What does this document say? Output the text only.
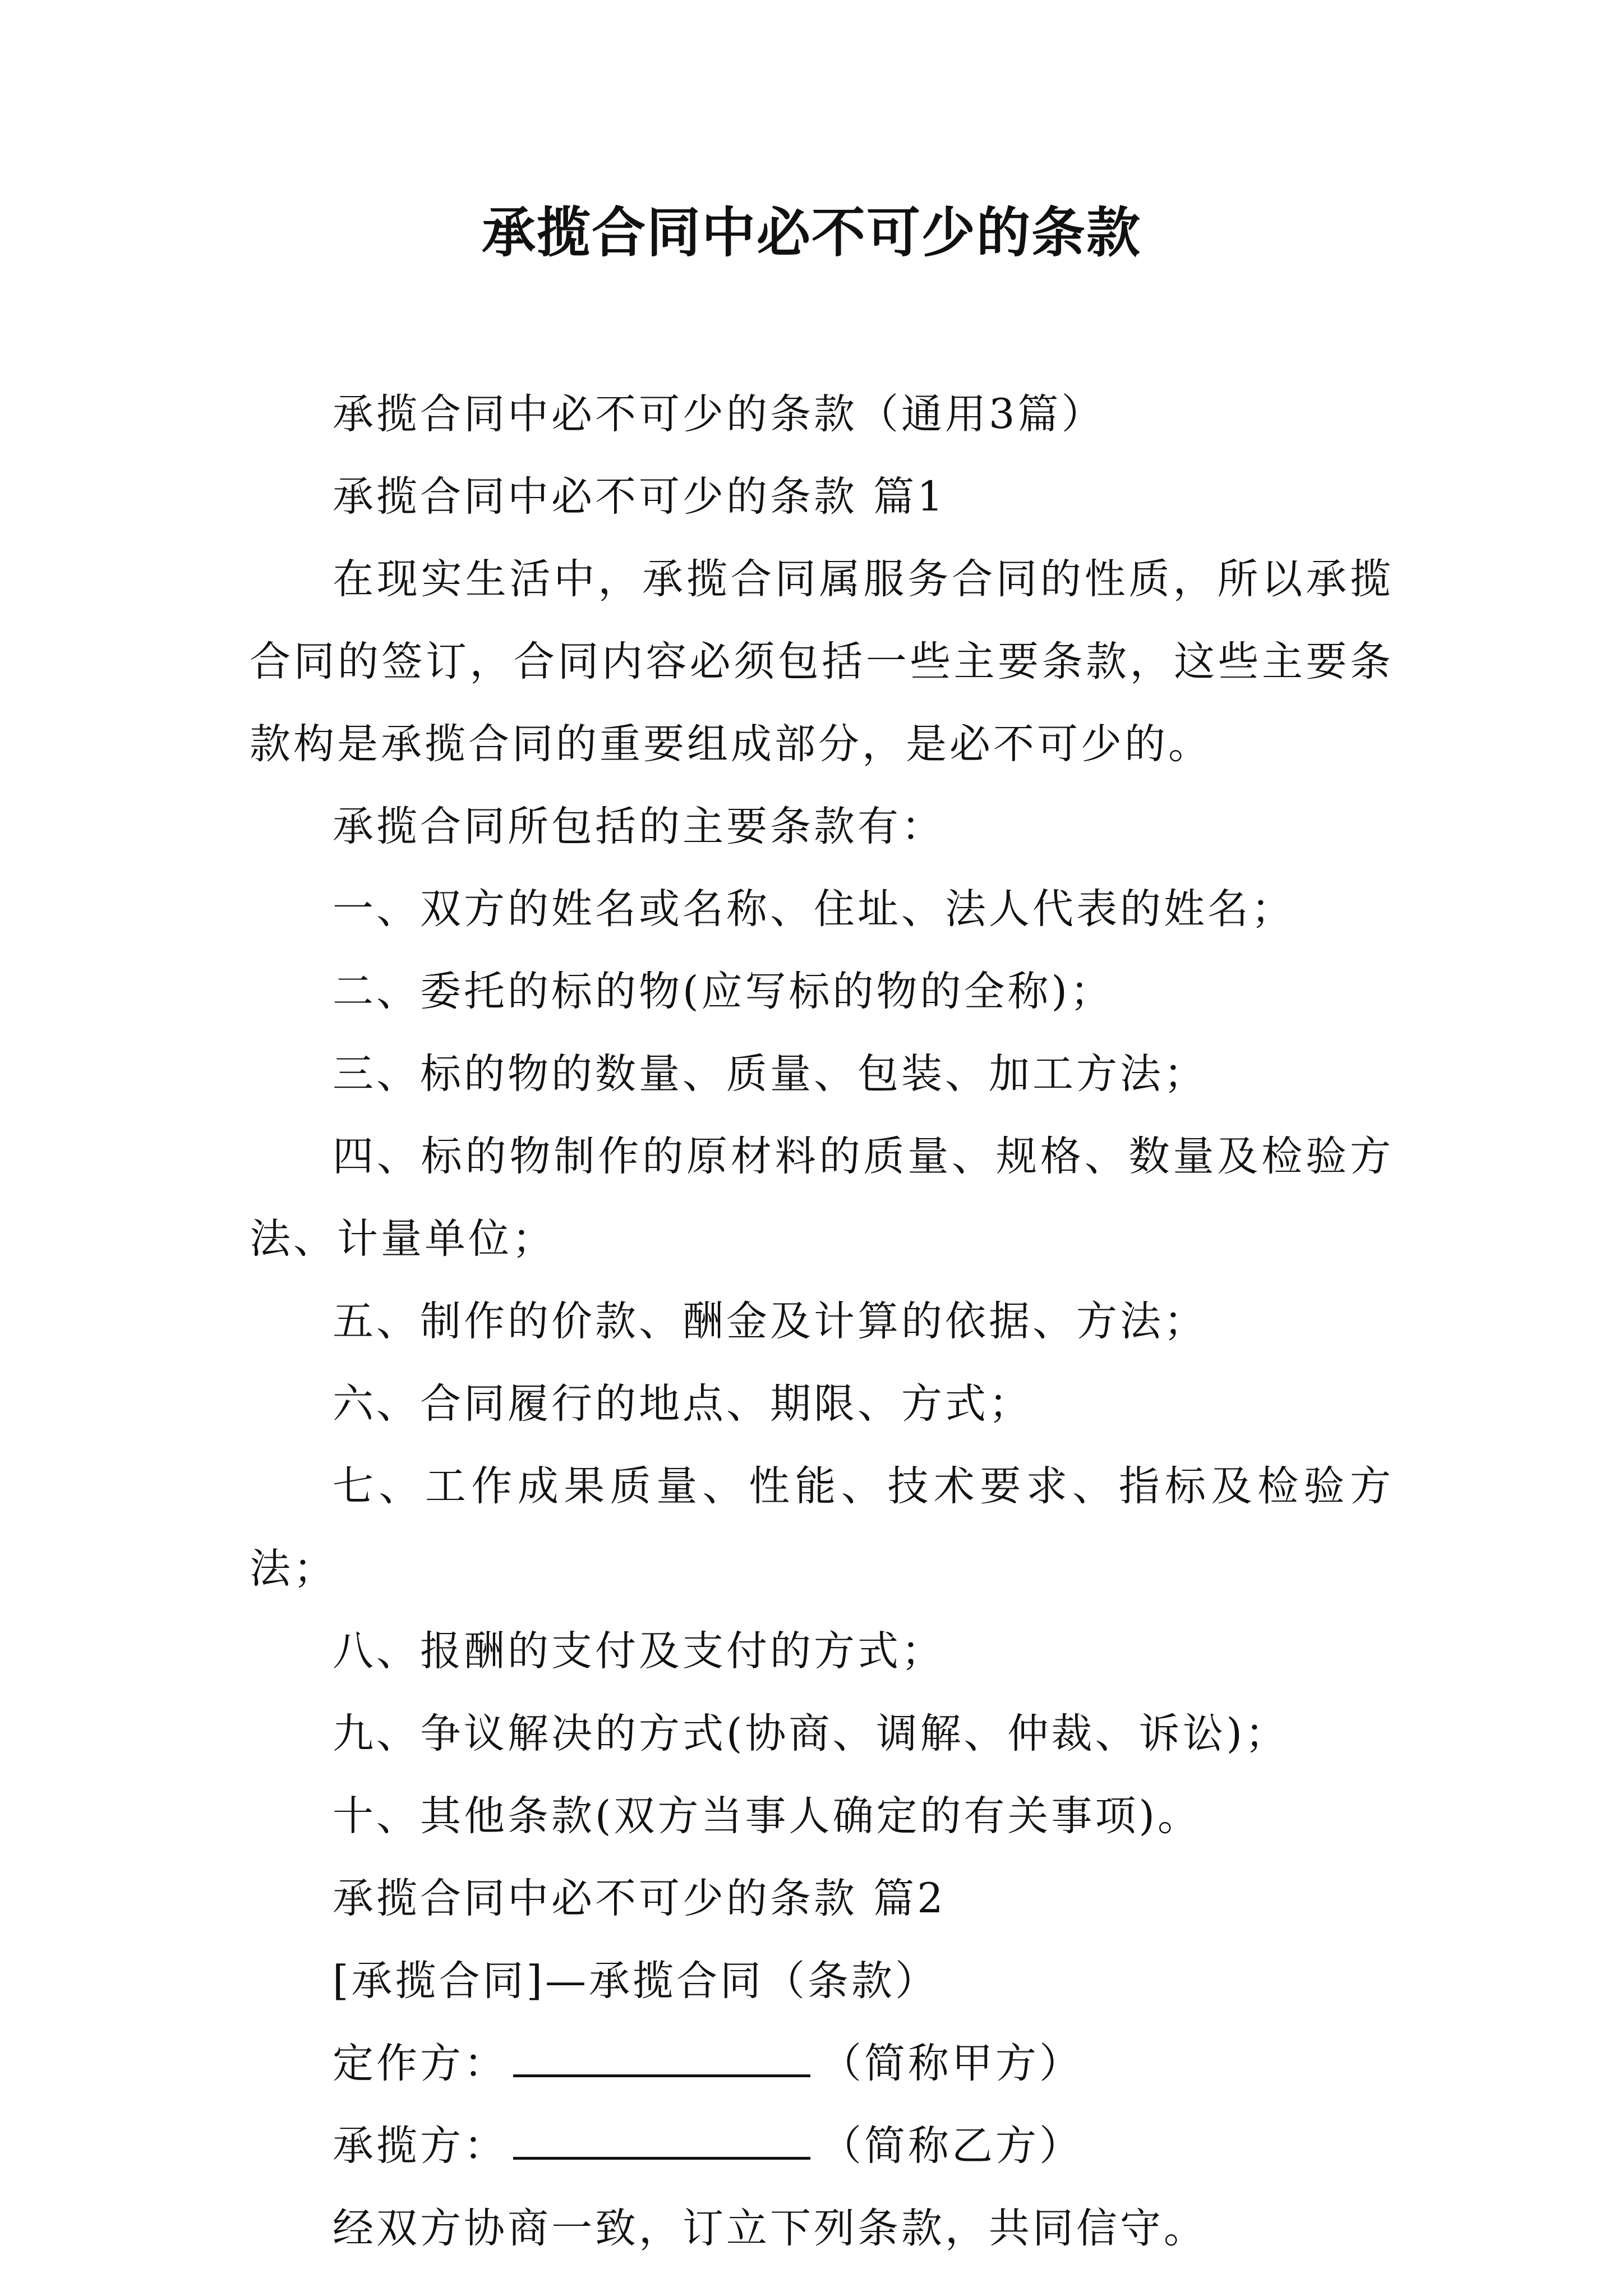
承揽合同中必不可少的条款

承揽合同中必不可少的条款（通用3篇）

承揽合同中必不可少的条款 篇1

在现实生活中，承揽合同属服务合同的性质，所以承揽合同的签订，合同内容必须包括一些主要条款，这些主要条款构是承揽合同的重要组成部分，是必不可少的。

承揽合同所包括的主要条款有：

一、双方的姓名或名称、住址、法人代表的姓名；

二、委托的标的物(应写标的物的全称)；

三、标的物的数量、质量、包装、加工方法；

四、标的物制作的原材料的质量、规格、数量及检验方法、计量单位；

五、制作的价款、酬金及计算的依据、方法；

六、合同履行的地点、期限、方式；

七、工作成果质量、性能、技术要求、指标及检验方法；

八、报酬的支付及支付的方式；

九、争议解决的方式(协商、调解、仲裁、诉讼)；

十、其他条款(双方当事人确定的有关事项)。

承揽合同中必不可少的条款 篇2

[承揽合同]—承揽合同（条款）

定作方：	（简称甲方）

承揽方：	（简称乙方）

经双方协商一致，订立下列条款，共同信守。
